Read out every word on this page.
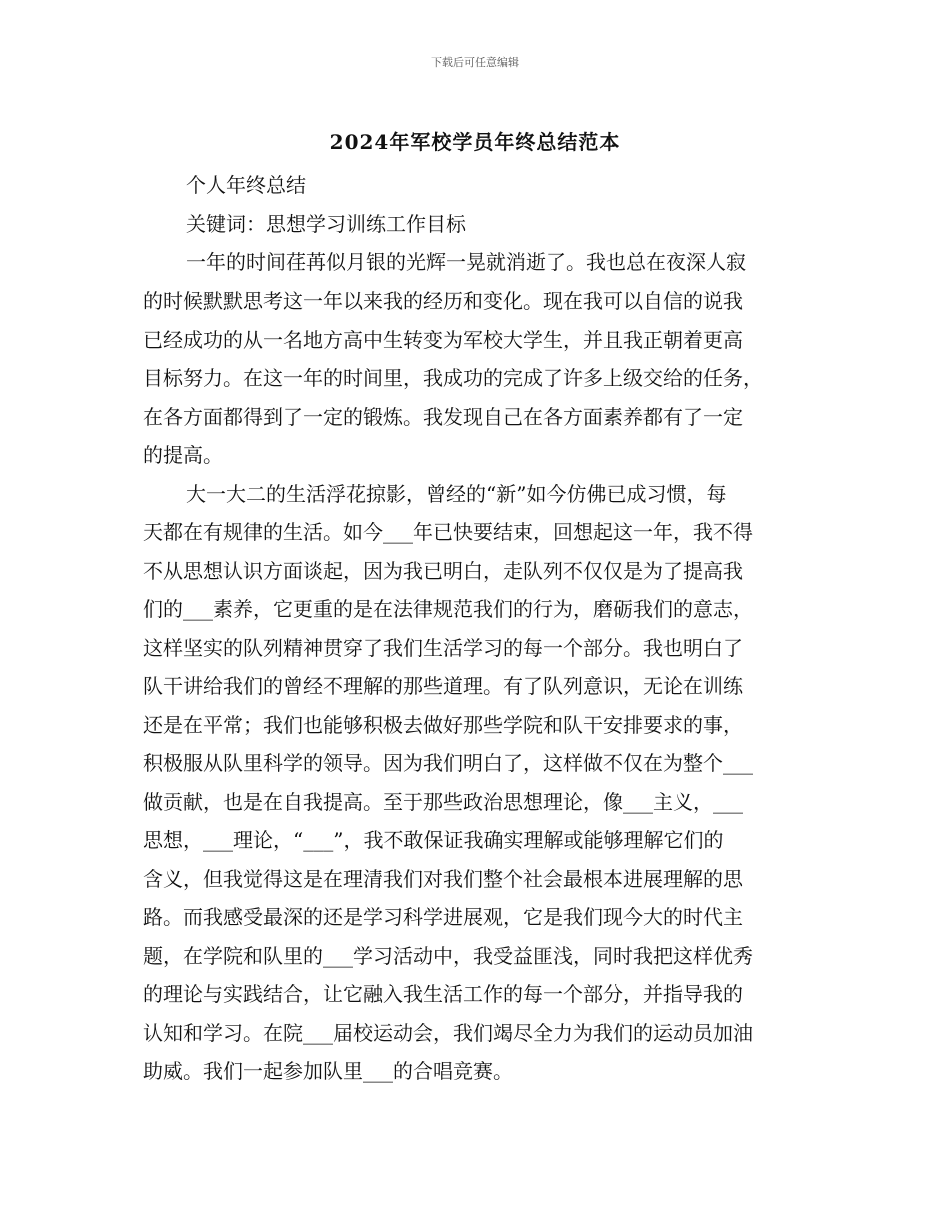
下载后可任意编辑
2024年军校学员年终总结范本
个人年终总结
关键词：思想学习训练工作目标
一年的时间荏苒似月银的光辉一晃就消逝了。我也总在夜深人寂
的时候默默思考这一年以来我的经历和变化。现在我可以自信的说我
已经成功的从一名地方高中生转变为军校大学生，并且我正朝着更高
目标努力。在这一年的时间里，我成功的完成了许多上级交给的任务，
在各方面都得到了一定的锻炼。我发现自己在各方面素养都有了一定
的提高。
大一大二的生活浮花掠影，曾经的“新”如今仿佛已成习惯，每
天都在有规律的生活。如今___年已快要结束，回想起这一年，我不得
不从思想认识方面谈起，因为我已明白，走队列不仅仅是为了提高我
们的___素养，它更重的是在法律规范我们的行为，磨砺我们的意志，
这样坚实的队列精神贯穿了我们生活学习的每一个部分。我也明白了
队干讲给我们的曾经不理解的那些道理。有了队列意识，无论在训练
还是在平常；我们也能够积极去做好那些学院和队干安排要求的事，
积极服从队里科学的领导。因为我们明白了，这样做不仅在为整个___
做贡献，也是在自我提高。至于那些政治思想理论，像___主义，___
思想，___理论，“___”，我不敢保证我确实理解或能够理解它们的
含义，但我觉得这是在理清我们对我们整个社会最根本进展理解的思
路。而我感受最深的还是学习科学进展观，它是我们现今大的时代主
题，在学院和队里的___学习活动中，我受益匪浅，同时我把这样优秀
的理论与实践结合，让它融入我生活工作的每一个部分，并指导我的
认知和学习。在院___届校运动会，我们竭尽全力为我们的运动员加油
助威。我们一起参加队里___的合唱竞赛。
